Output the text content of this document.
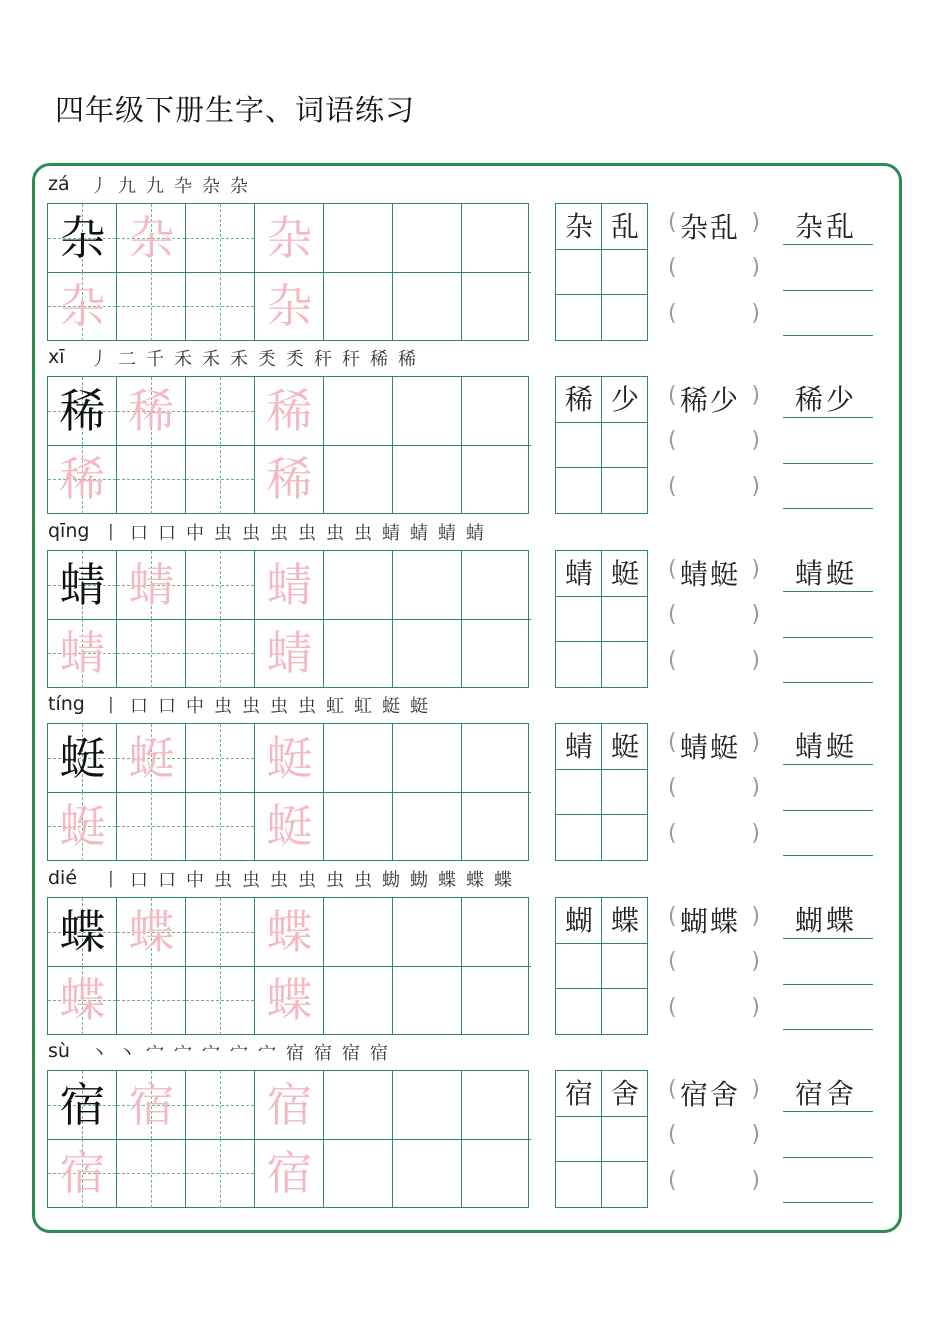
四年级下册生字、词语练习
zá 丿 九 九 卆 杂 杂
杂 杂 杂
杂	杂
杂 乱	(	)
杂乱
(	)
(	)
杂乱
xī 丿 二 千 禾 禾 禾 秂 秂 秆 秆 稀 稀
稀 稀 稀
稀	稀
稀 少	(	)
稀少
(	)
(	)
稀少
qīng 丨 口 口 中 虫 虫 虫 虫 虫 虫 蜻 蜻 蜻 蜻
蜻 蜻 蜻
蜻	蜻
蜻 蜓	(	)
蜻蜓
(	)
(	)
蜻蜓
tíng 丨 口 口 中 虫 虫 虫 虫 虹 虹 蜓 蜓
蜓 蜓 蜓
蜓	蜓
蜻 蜓	(	)
蜻蜓
(	)
(	)
蜻蜓
dié 丨 口 口 中 虫 虫 虫 虫 虫 虫 蜐 蜐 蝶 蝶 蝶
蝶 蝶 蝶
蝶	蝶
蝴 蝶	(	)
蝴蝶
(	)
(	)
蝴蝶
sù 丶 丶 宀 宀 宀 宀 宀 宿 宿 宿 宿
宿 宿 宿
宿	宿
宿 舍	(	)
宿舍
(	)
(	)
宿舍
